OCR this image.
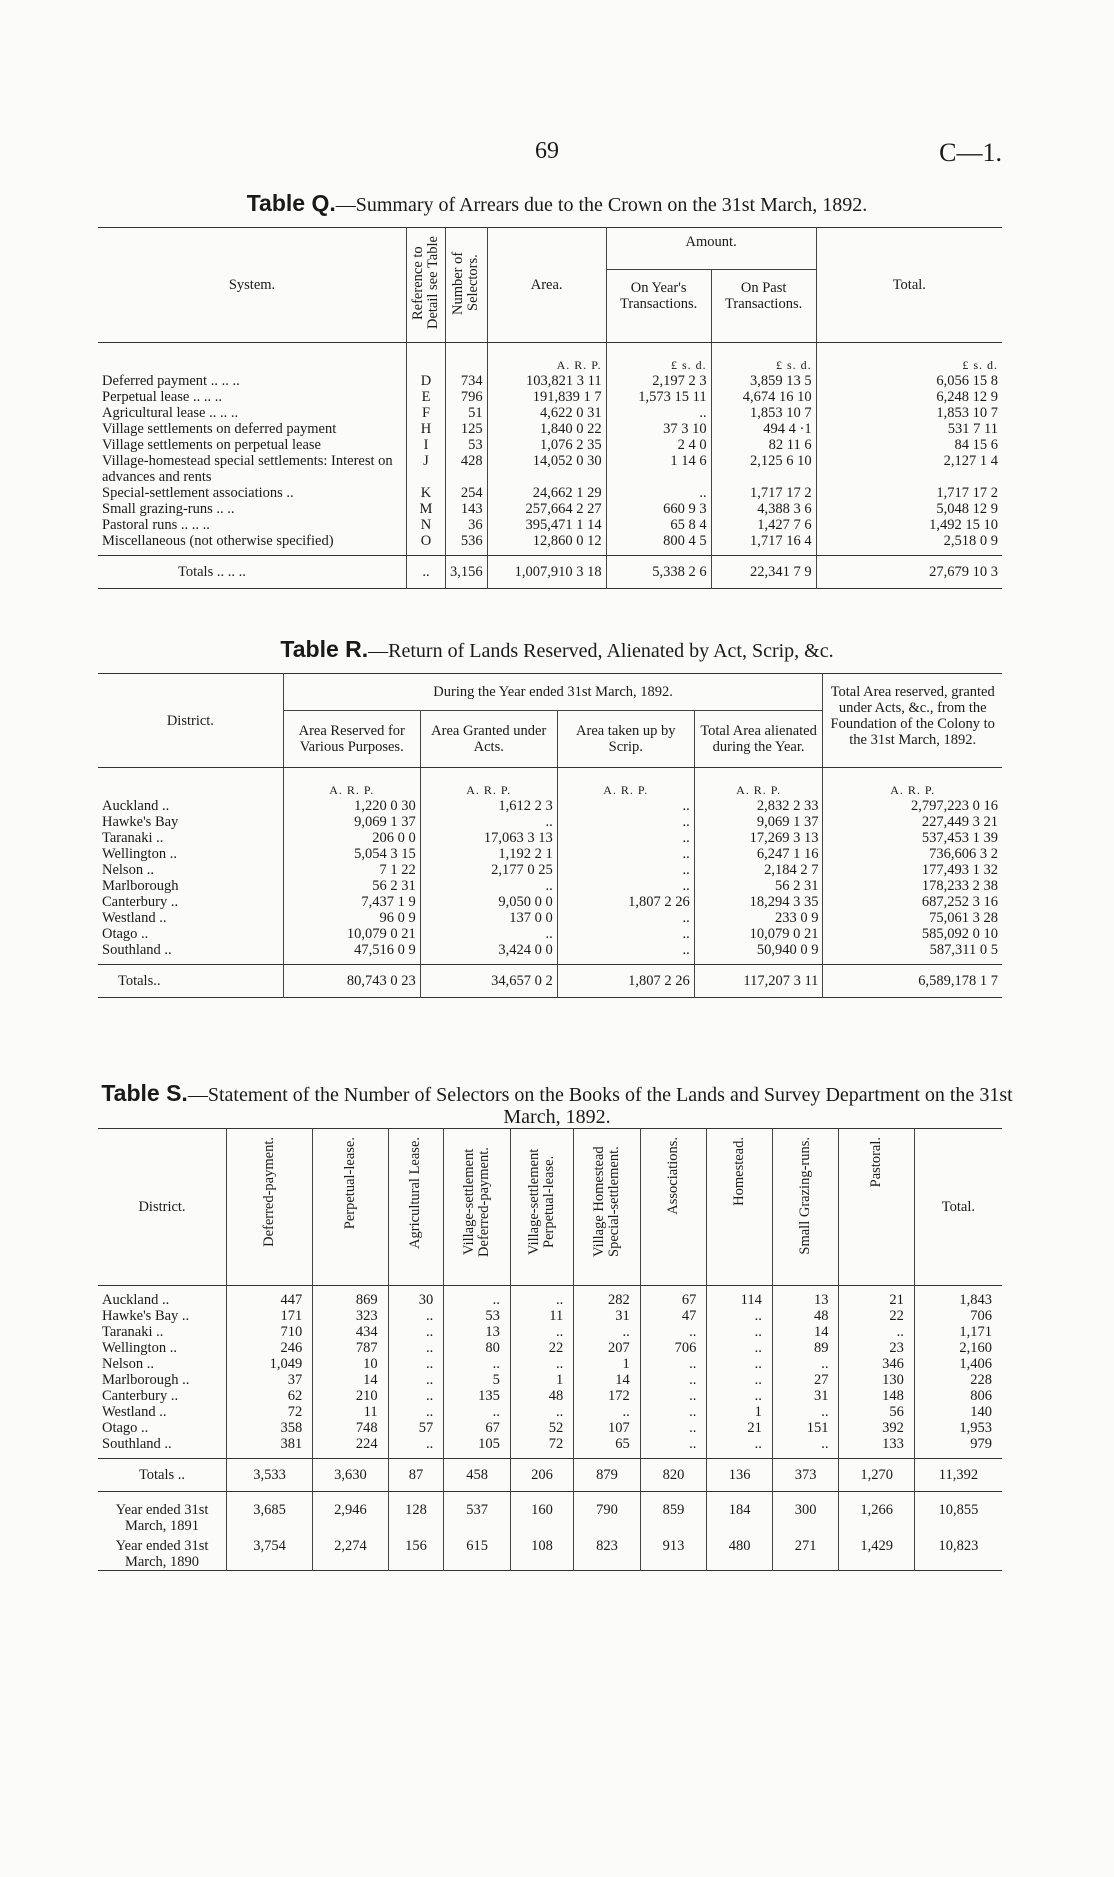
69	C—1.
Table Q.—Summary of Arrears due to the Crown on the 31st March, 1892.
System.	Reference to Detail see Table	Number of Selectors.	Area.	Amount.		Total.
				On Year's Transactions.	On Past Transactions.	
			A. R. P.	£ s. d.	£ s. d.	£ s. d.
Deferred payment .. .. ..	D	734	103,821 3 11	2,197 2 3	3,859 13 5	6,056 15 8
Perpetual lease .. .. ..	E	796	191,839 1 7	1,573 15 11	4,674 16 10	6,248 12 9
Agricultural lease .. .. ..	F	51	4,622 0 31	..	1,853 10 7	1,853 10 7
Village settlements on deferred payment	H	125	1,840 0 22	37 3 10	494 4 ·1	531 7 11
Village settlements on perpetual lease	I	53	1,076 2 35	2 4 0	82 11 6	84 15 6
Village-homestead special settlements: Interest on advances and rents	J	428	14,052 0 30	1 14 6	2,125 6 10	2,127 1 4
Special-settlement associations ..	K	254	24,662 1 29	..	1,717 17 2	1,717 17 2
Small grazing-runs .. ..	M	143	257,664 2 27	660 9 3	4,388 3 6	5,048 12 9
Pastoral runs .. .. ..	N	36	395,471 1 14	65 8 4	1,427 7 6	1,492 15 10
Miscellaneous (not otherwise specified)	O	536	12,860 0 12	800 4 5	1,717 16 4	2,518 0 9

Totals .. .. ..	..	3,156	1,007,910 3 18	5,338 2 6	22,341 7 9	27,679 10 3
Table R.—Return of Lands Reserved, Alienated by Act, Scrip, &c.
District.	During the Year ended 31st March, 1892.				Total Area reserved, granted under Acts, &c., from the Foundation of the Colony to the 31st March, 1892.
	Area Reserved for Various Purposes.	Area Granted under Acts.	Area taken up by Scrip.	Total Area alienated during the Year.	
	A. R. P.	A. R. P.	A. R. P.	A. R. P.	A. R. P.
Auckland ..	1,220 0 30	1,612 2 3	..	2,832 2 33	2,797,223 0 16
Hawke's Bay	9,069 1 37	..	..	9,069 1 37	227,449 3 21
Taranaki ..	206 0 0	17,063 3 13	..	17,269 3 13	537,453 1 39
Wellington ..	5,054 3 15	1,192 2 1	..	6,247 1 16	736,606 3 2
Nelson ..	7 1 22	2,177 0 25	..	2,184 2 7	177,493 1 32
Marlborough	56 2 31	..	..	56 2 31	178,233 2 38
Canterbury ..	7,437 1 9	9,050 0 0	1,807 2 26	18,294 3 35	687,252 3 16
Westland ..	96 0 9	137 0 0	..	233 0 9	75,061 3 28
Otago ..	10,079 0 21	..	..	10,079 0 21	585,092 0 10
Southland ..	47,516 0 9	3,424 0 0	..	50,940 0 9	587,311 0 5

Totals..	80,743 0 23	34,657 0 2	1,807 2 26	117,207 3 11	6,589,178 1 7
Table S.—Statement of the Number of Selectors on the Books of the Lands and Survey Department on the 31st March, 1892.
District.	Deferred-payment.	Perpetual-lease.	Agricultural Lease.	Village-settlement Deferred-payment.	Village-settlement Perpetual-lease.	Village Homestead Special-settlement.	Associations.	Homestead.	Small Grazing-runs.	Pastoral.	Total.

Auckland ..	447	869	30	..	..	282	67	114	13	21	1,843
Hawke's Bay ..	171	323	..	53	11	31	47	..	48	22	706
Taranaki ..	710	434	..	13	..	..	..	..	14	..	1,171
Wellington ..	246	787	..	80	22	207	706	..	89	23	2,160
Nelson ..	1,049	10	..	..	..	1	..	..	..	346	1,406
Marlborough ..	37	14	..	5	1	14	..	..	27	130	228
Canterbury ..	62	210	..	135	48	172	..	..	31	148	806
Westland ..	72	11	..	..	..	..	..	1	..	56	140
Otago ..	358	748	57	67	52	107	..	21	151	392	1,953
Southland ..	381	224	..	105	72	65	..	..	..	133	979

Totals ..	3,533	3,630	87	458	206	879	820	136	373	1,270	11,392
Year ended 31st March, 1891	3,685	2,946	128	537	160	790	859	184	300	1,266	10,855
Year ended 31st March, 1890	3,754	2,274	156	615	108	823	913	480	271	1,429	10,823
